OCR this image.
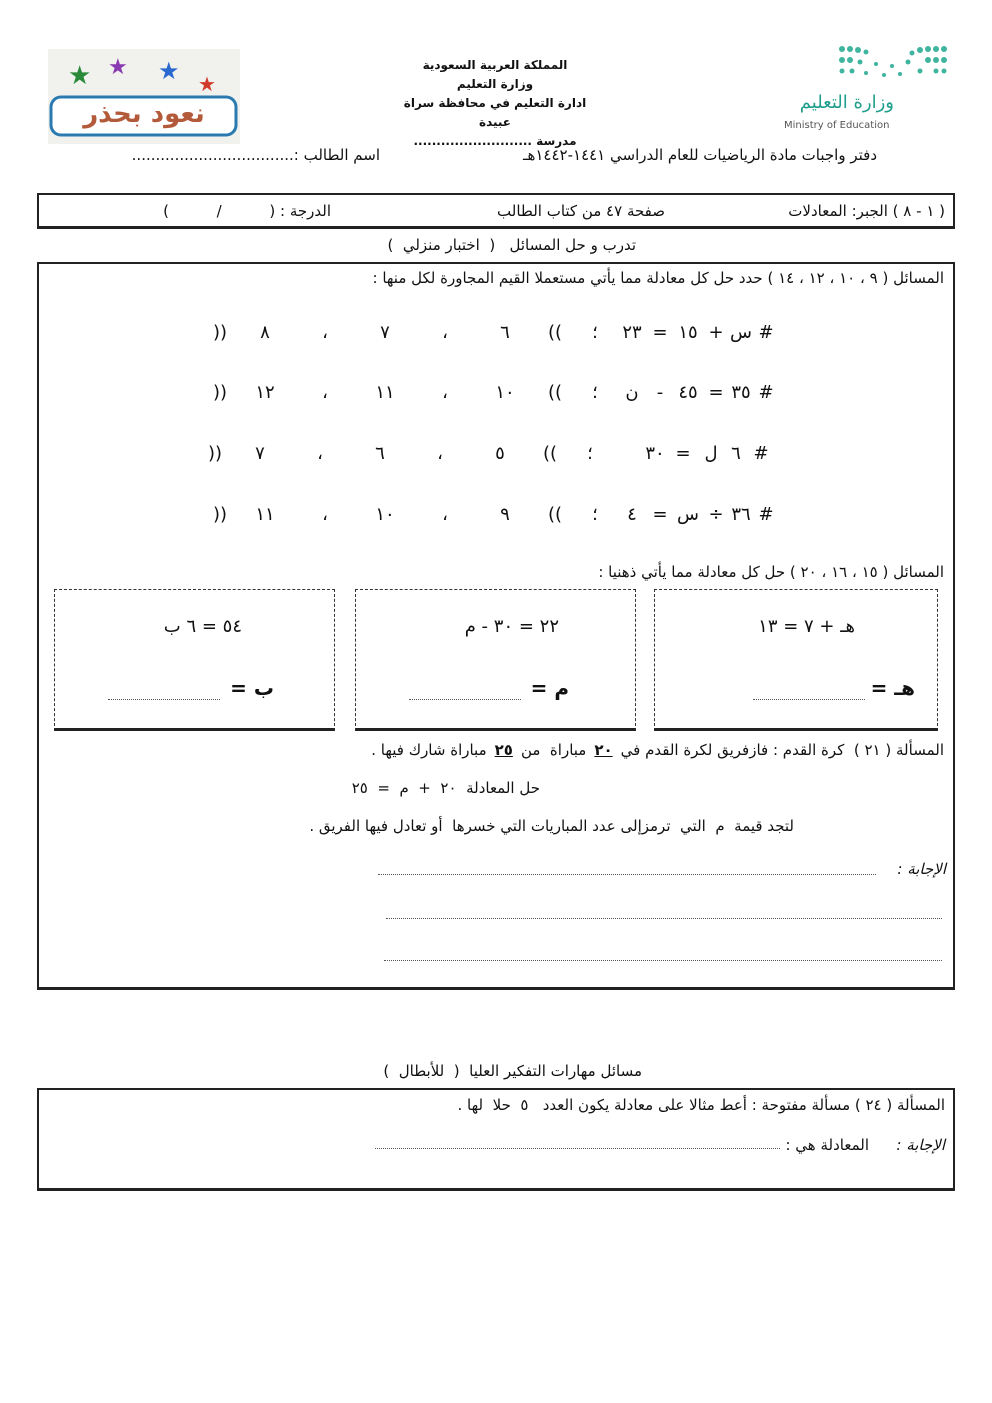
★ ★ ★ ★
نعود بحذر
المملكة العربية السعودية
وزارة التعليم
ادارة التعليم في محافظة سراة عبيدة
مدرسة ..........................
وزارة التعليم
Ministry of Education
دفتر واجبات مادة الرياضيات للعام الدراسي ١٤٤١-١٤٤٢هـ
اسم الطالب :..................................
( ١ - ٨ ) الجبر: المعادلات
صفحة ٤٧ من كتاب الطالب
الدرجة : (          /          )
تدرب و حل المسائل   (  اختبار منزلي  )
المسائل ( ٩ ، ١٠ ، ١٢ ، ١٤ ) حدد حل كل معادلة مما يأتي مستعملا القيم المجاورة لكل منها :
#
س
+
١٥
=
٢٣
؛
))
٦
،
٧
،
٨
((
#
٣٥
=
٤٥
-
ن
؛
))
١٠
،
١١
،
١٢
((
#
٦
ل
=
٣٠
؛
))
٥
،
٦
،
٧
((
#
٣٦
÷
س
=
٤
؛
))
٩
،
١٠
،
١١
((
المسائل ( ١٥ ، ١٦ ، ٢٠ ) حل كل معادلة مما يأتي ذهنيا :
هـ + ٧ = ١٣
هـ =
٢٢ = ٣٠ - م
م =
٥٤ = ٦ ب
ب =
المسألة ( ٢١ )  كرة القدم : فازفريق لكرة القدم في
٢٠
مباراة  من
٢٥
مباراة شارك فيها .
حل المعادلة  ٢٠  +  م  =  ٢٥
لتجد قيمة  م  التي  ترمزإلى عدد المباريات التي خسرها  أو تعادل فيها الفريق .
الإجابة :
مسائل مهارات التفكير العليا  (  للأبطال  )
المسألة ( ٢٤ ) مسألة مفتوحة : أعط مثالا على معادلة يكون العدد   ٥  حلا  لها .
الإجابة :
المعادلة هي :
